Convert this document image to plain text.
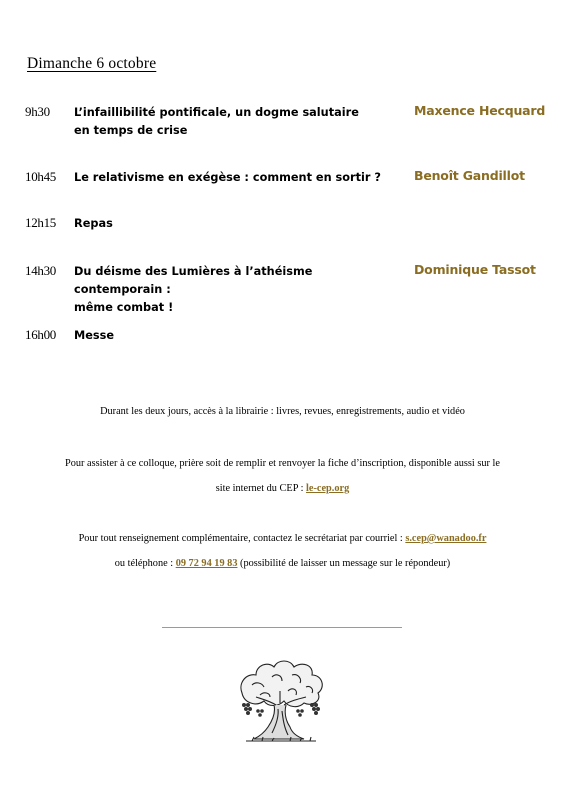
Dimanche 6 octobre
9h30 L’infaillibilité pontificale, un dogme salutaire
en temps de crise
Maxence Hecquard
10h45 Le relativisme en exégèse : comment en sortir ?	Benoît Gandillot
12h15 Repas
14h30 Du déisme des Lumières à l’athéisme contemporain :
même combat !
Dominique Tassot
16h00 Messe
Durant les deux jours, accès à la librairie : livres, revues, enregistrements, audio et vidéo
Pour assister à ce colloque, prière soit de remplir et renvoyer la fiche d’inscription, disponible aussi sur le
site internet du CEP : le-cep.org
Pour tout renseignement complémentaire, contactez le secrétariat par courriel : s.cep@wanadoo.fr
ou téléphone : 09 72 94 19 83 (possibilité de laisser un message sur le répondeur)
